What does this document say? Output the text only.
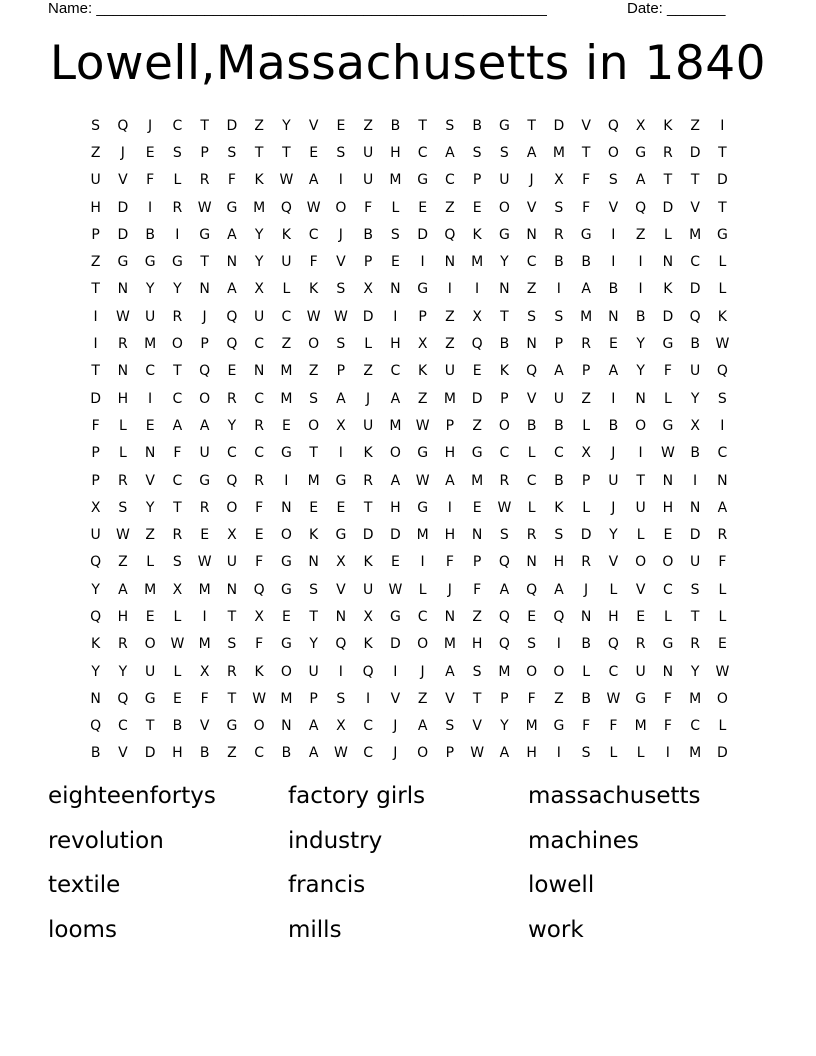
Name: ______________________________________________________

	Date: _______

Lowell,Massachusetts in 1840
S	Q	J	C	T	D	Z	Y	V	E	Z	B	T	S	B	G	T	D	V	Q	X	K	Z	I
Z	J	E	S	P	S	T	T	E	S	U	H	C	A	S	S	A	M	T	O	G	R	D	T
U	V	F	L	R	F	K	W	A	I	U	M	G	C	P	U	J	X	F	S	A	T	T	D
H	D	I	R	W	G	M	Q	W	O	F	L	E	Z	E	O	V	S	F	V	Q	D	V	T
P	D	B	I	G	A	Y	K	C	J	B	S	D	Q	K	G	N	R	G	I	Z	L	M	G
Z	G	G	G	T	N	Y	U	F	V	P	E	I	N	M	Y	C	B	B	I	I	N	C	L
T	N	Y	Y	N	A	X	L	K	S	X	N	G	I	I	N	Z	I	A	B	I	K	D	L
I	W	U	R	J	Q	U	C	W W	D	I	P	Z	X	T	S	S	M	N	B	D	Q	K
I	R	M	O	P	Q	C	Z	O	S	L	H	X	Z	Q	B	N	P	R	E	Y	G	B	W
T	N	C	T	Q	E	N	M	Z	P	Z	C	K	U	E	K	Q	A	P	A	Y	F	U	Q
D	H	I	C	O	R	C	M	S	A	J	A	Z	M	D	P	V	U	Z	I	N	L	Y	S
F	L	E	A	A	Y	R	E	O	X	U	M	W	P	Z	O	B	B	L	B	O	G	X	I
P	L	N	F	U	C	C	G	T	I	K	O	G	H	G	C	L	C	X	J	I	W	B	C
P	R	V	C	G	Q	R	I	M	G	R	A	W	A	M	R	C	B	P	U	T	N	I	N
X	S	Y	T	R	O	F	N	E	E	T	H	G	I	E	W	L	K	L	J	U	H	N	A
U	W	Z	R	E	X	E	O	K	G	D	D	M	H	N	S	R	S	D	Y	L	E	D	R
Q	Z	L	S	W	U	F	G	N	X	K	E	I	F	P	Q	N	H	R	V	O	O	U	F
Y	A	M	X	M	N	Q	G	S	V	U	W	L	J	F	A	Q	A	J	L	V	C	S	L
Q	H	E	L	I	T	X	E	T	N	X	G	C	N	Z	Q	E	Q	N	H	E	L	T	L
K	R	O	W	M	S	F	G	Y	Q	K	D	O	M	H	Q	S	I	B	Q	R	G	R	E
Y	Y	U	L	X	R	K	O	U	I	Q	I	J	A	S	M	O	O	L	C	U	N	Y	W
N	Q	G	E	F	T	W	M	P	S	I	V	Z	V	T	P	F	Z	B	W	G	F	M	O
Q	C	T	B	V	G	O	N	A	X	C	J	A	S	V	Y	M	G	F	F	M	F	C	L
B	V	D	H	B	Z	C	B	A	W	C	J	O	P	W	A	H	I	S	L	L	I	M	D
eighteenfortys	factory girls	massachusetts
revolution	industry	machines
textile	francis	lowell
looms	mills	work
